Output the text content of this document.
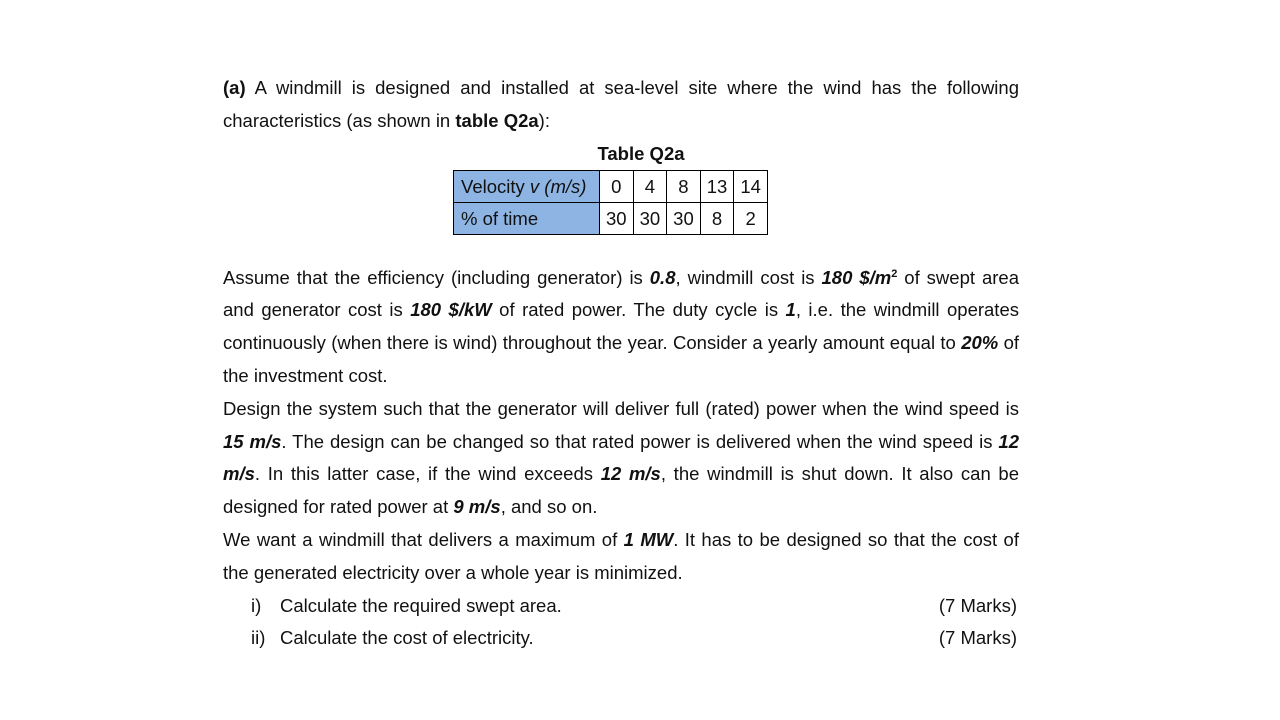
(a) A windmill is designed and installed at sea-level site where the wind has the following characteristics (as shown in table Q2a):

Table Q2a

Velocity v (m/s)	0	4	8	13	14
% of time	30	30	30	8	2

Assume that the efficiency (including generator) is 0.8, windmill cost is 180 $\$/m^2$ of swept area and generator cost is 180 $/kW of rated power. The duty cycle is 1, i.e. the windmill operates continuously (when there is wind) throughout the year. Consider a yearly amount equal to 20% of the investment cost.

Design the system such that the generator will deliver full (rated) power when the wind speed is 15 m/s. The design can be changed so that rated power is delivered when the wind speed is 12 m/s. In this latter case, if the wind exceeds 12 m/s, the windmill is shut down. It also can be designed for rated power at 9 m/s, and so on.

We want a windmill that delivers a maximum of 1 MW. It has to be designed so that the cost of the generated electricity over a whole year is minimized.

i) Calculate the required swept area.	(7 Marks)
ii) Calculate the cost of electricity.	(7 Marks)
